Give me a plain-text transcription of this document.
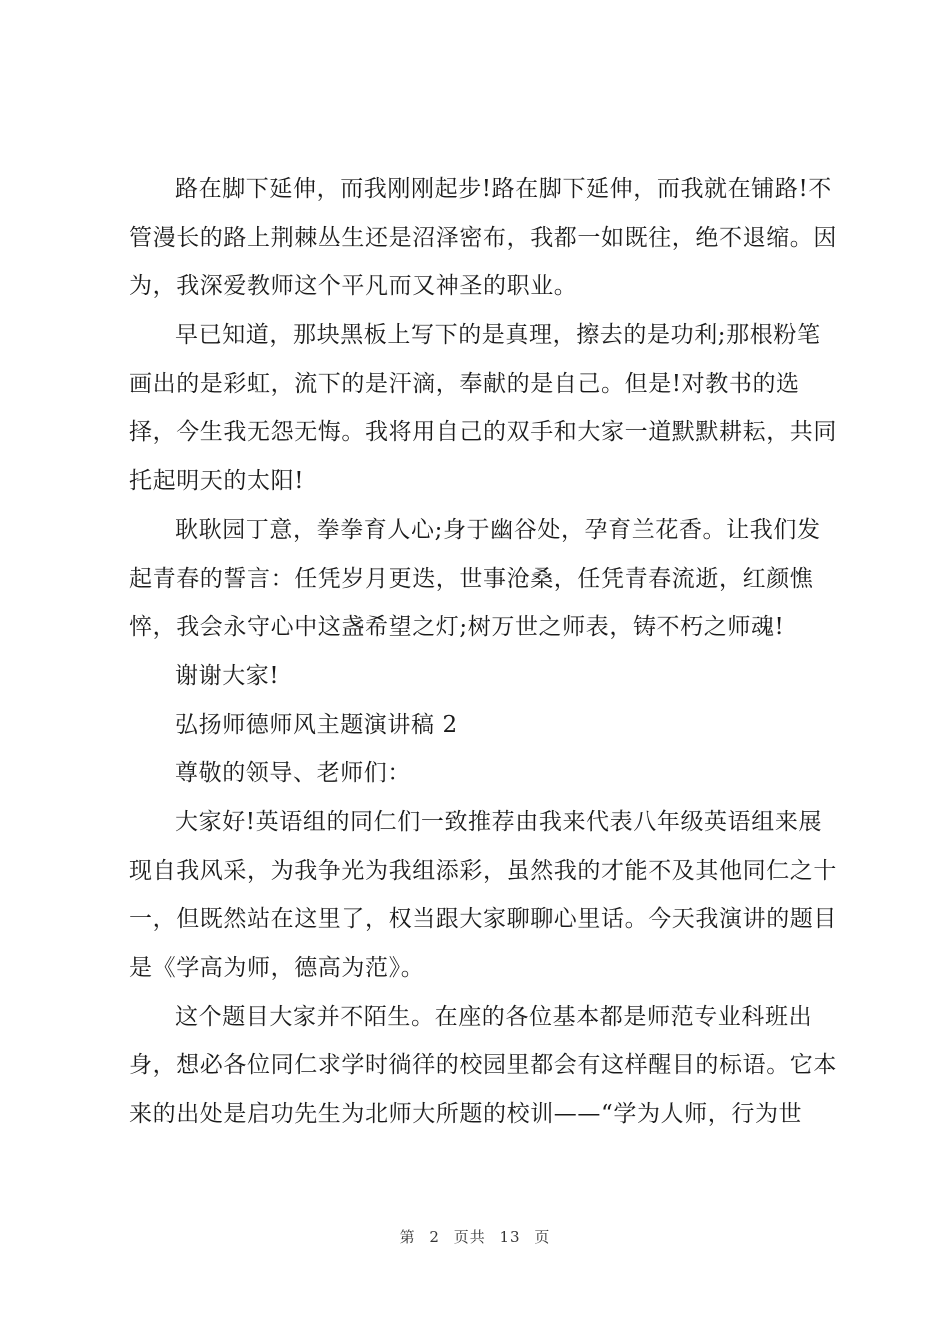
路在脚下延伸，而我刚刚起步!路在脚下延伸，而我就在铺路!不
管漫长的路上荆棘丛生还是沼泽密布，我都一如既往，绝不退缩。因
为，我深爱教师这个平凡而又神圣的职业。
早已知道，那块黑板上写下的是真理，擦去的是功利;那根粉笔
画出的是彩虹，流下的是汗滴，奉献的是自己。但是!对教书的选
择，今生我无怨无悔。我将用自己的双手和大家一道默默耕耘，共同
托起明天的太阳!
耿耿园丁意，拳拳育人心;身于幽谷处，孕育兰花香。让我们发
起青春的誓言：任凭岁月更迭，世事沧桑，任凭青春流逝，红颜憔
悴，我会永守心中这盏希望之灯;树万世之师表，铸不朽之师魂!
谢谢大家!
弘扬师德师风主题演讲稿 2
尊敬的领导、老师们：
大家好!英语组的同仁们一致推荐由我来代表八年级英语组来展
现自我风采，为我争光为我组添彩，虽然我的才能不及其他同仁之十
一，但既然站在这里了，权当跟大家聊聊心里话。今天我演讲的题目
是《学高为师，德高为范》。
这个题目大家并不陌生。在座的各位基本都是师范专业科班出
身，想必各位同仁求学时徜徉的校园里都会有这样醒目的标语。它本
来的出处是启功先生为北师大所题的校训——“学为人师，行为世
第 2 页共 13 页
